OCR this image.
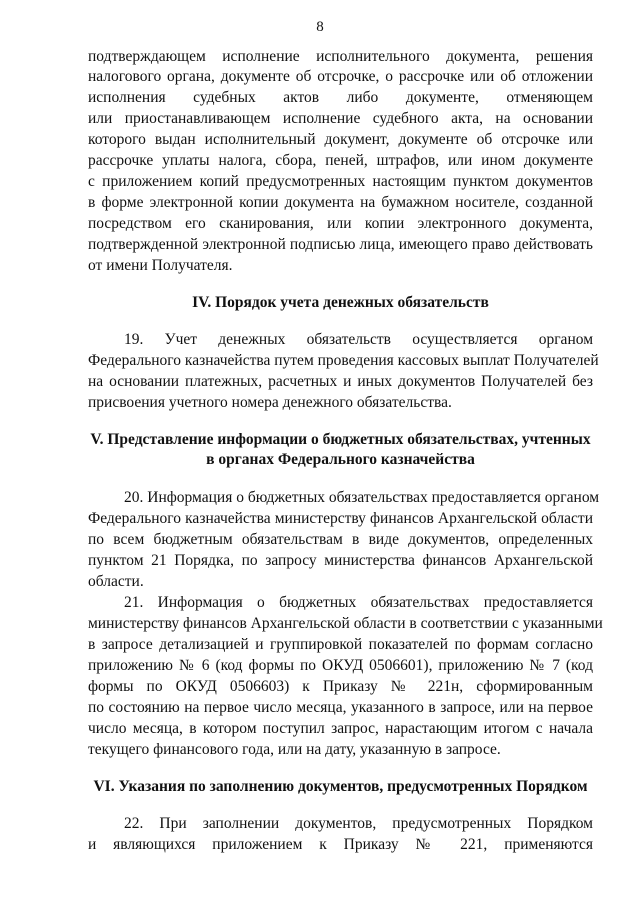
8
подтверждающем исполнение исполнительного документа, решения
налогового органа, документе об отсрочке, о рассрочке или об отложении
исполнения судебных актов либо документе, отменяющем
или приостанавливающем исполнение судебного акта, на основании
которого выдан исполнительный документ, документе об отсрочке или
рассрочке уплаты налога, сбора, пеней, штрафов, или ином документе
с приложением копий предусмотренных настоящим пунктом документов
в форме электронной копии документа на бумажном носителе, созданной
посредством его сканирования, или копии электронного документа,
подтвержденной электронной подписью лица, имеющего право действовать
от имени Получателя.
IV. Порядок учета денежных обязательств
19. Учет денежных обязательств осуществляется органом
Федерального казначейства путем проведения кассовых выплат Получателей
на основании платежных, расчетных и иных документов Получателей без
присвоения учетного номера денежного обязательства.
V. Представление информации о бюджетных обязательствах, учтенных
в органах Федерального казначейства
20. Информация о бюджетных обязательствах предоставляется органом
Федерального казначейства министерству финансов Архангельской области
по всем бюджетным обязательствам в виде документов, определенных
пунктом 21 Порядка, по запросу министерства финансов Архангельской
области.
21. Информация о бюджетных обязательствах предоставляется
министерству финансов Архангельской области в соответствии с указанными
в запросе детализацией и группировкой показателей по формам согласно
приложению № 6 (код формы по ОКУД 0506601), приложению № 7 (код
формы по ОКУД 0506603) к Приказу № 221н, сформированным
по состоянию на первое число месяца, указанного в запросе, или на первое
число месяца, в котором поступил запрос, нарастающим итогом с начала
текущего финансового года, или на дату, указанную в запросе.
VI. Указания по заполнению документов, предусмотренных Порядком
22. При заполнении документов, предусмотренных Порядком
и являющихся приложением к Приказу № 221, применяются
